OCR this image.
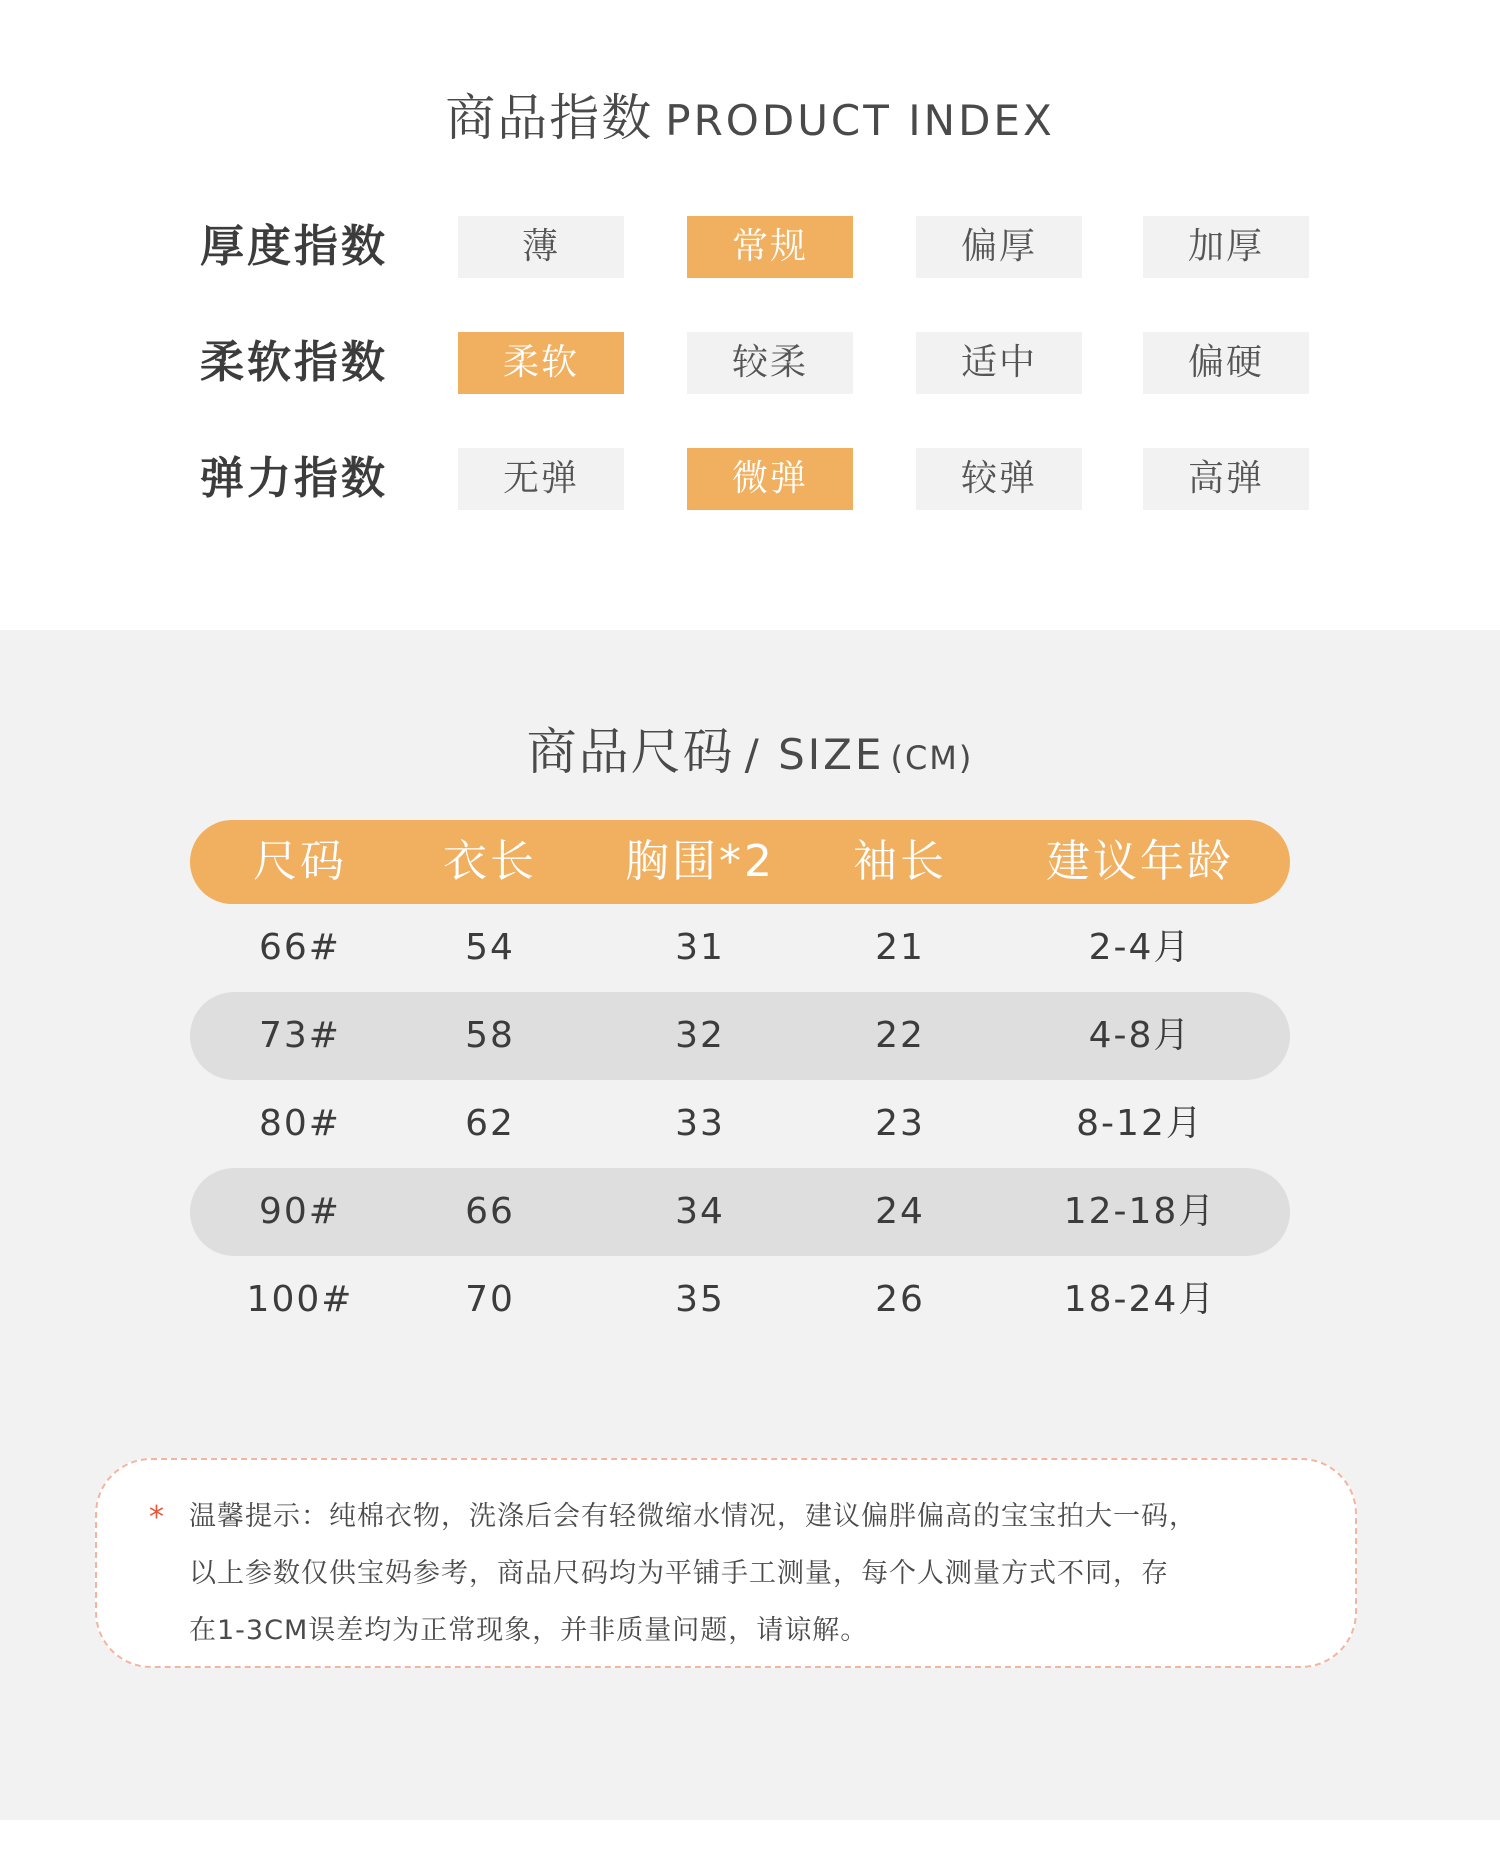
商品指数 PRODUCT INDEX
厚度指数	薄	常规	偏厚	加厚
柔软指数	柔软	较柔	适中	偏硬
弹力指数	无弹	微弹	较弹	高弹
商品尺码 / SIZE (CM)
尺码	衣长	胸围*2	袖长	建议年龄
66#	54	31	21	2-4月
73#	58	32	22	4-8月
80#	62	33	23	8-12月
90#	66	34	24	12-18月
100#	70	35	26	18-24月
* 温馨提示：纯棉衣物，洗涤后会有轻微缩水情况，建议偏胖偏高的宝宝拍大一码，
以上参数仅供宝妈参考，商品尺码均为平铺手工测量，每个人测量方式不同，存
在1-3CM误差均为正常现象，并非质量问题，请谅解。
